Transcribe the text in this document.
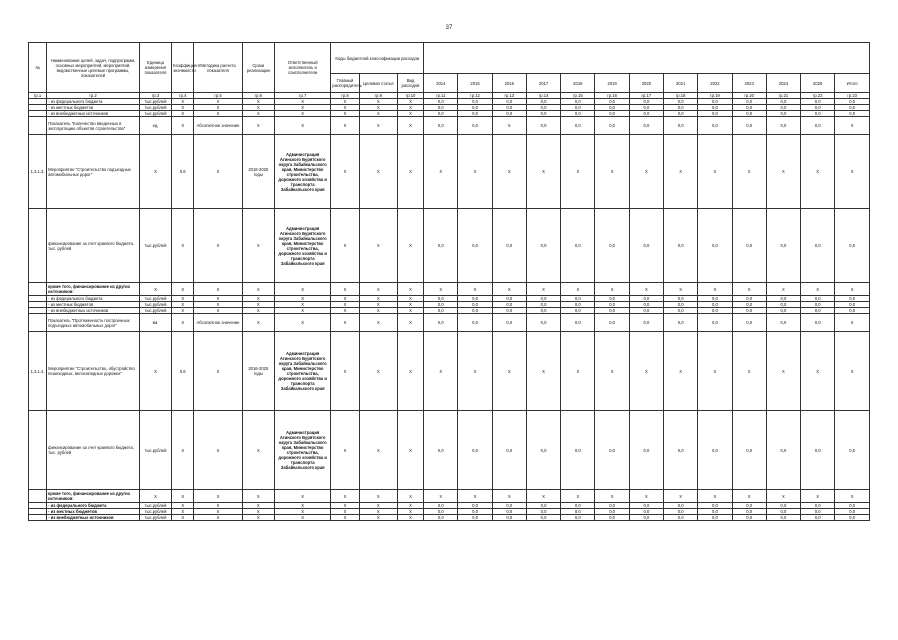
37
№	Наименование целей, задач, подпрограмм, основных мероприятий, мероприятий, ведомственные целевые программы, показателей	Единица измерения показателя	Коэффициент значимости	Методика расчета показателя	Сроки реализации	Ответственный исполнитель и соисполнители	Коды бюджетной классификации расходов															
							Главный распорядитель	Целевая статья	Вид расходов	2014	2015	2016	2017	2018	2019	2020	2021	2022	2023	2024	2025	Итого
гр.1	гр.2	гр.3	гр.4	гр.5	гр.6	гр.7	гр.8	гр.9	гр.10	гр.11	гр.12	гр.13	гр.14	гр.15	гр.16	гр.17	гр.18	гр.19	гр.20	гр.21	гр.22	гр.23
	- из федерального бюджета	тыс.рублей	Х	Х	Х	Х	Х	Х	Х	0,0	0,0	0,0	0,0	0,0	0,0	0,0	0,0	0,0	0,0	0,0	0,0	0,0
	- из местных бюджетов	тыс.рублей	Х	Х	Х	Х	Х	Х	Х	0,0	0,0	0,0	0,0	0,0	0,0	0,0	0,0	0,0	0,0	0,0	0,0	0,0
	- из внебюджетных источников	тыс.рублей	Х	Х	Х	Х	Х	Х	Х	0,0	0,0	0,0	0,0	0,0	0,0	0,0	0,0	0,0	0,0	0,0	0,0	0,0
	Показатель "Количество введенных в эксплуатацию объектов строительства"	ед.	Х	Абсолютное значение	Х	Х	Х	Х	Х	0,0	0,0	5	0,0	0,0	0,0	0,0	0,0	0,0	0,0	0,0	0,0	Х
1.3.1.3.	Мероприятие "Строительство подъездных автомобильных дорог"	Х	0,6	Х	2016-2025 годы	Администрация Агинского Бурятского округа Забайкальского края, Министерство строительства, дорожного хозяйства и транспорта Забайкальского края	Х	Х	Х	Х	Х	Х	Х	Х	Х	Х	Х	Х	Х	Х	Х	Х
	финансирование за счет краевого бюджета, тыс. рублей	тыс.рублей	Х	Х	Х	Администрация Агинского Бурятского округа Забайкальского края, Министерство строительства, дорожного хозяйства и транспорта Забайкальского края	Х	Х	Х	0,0	0,0	0,0	0,0	0,0	0,0	0,0	0,0	0,0	0,0	0,0	0,0	0,0
	кроме того, финансирование из других источников:	Х	Х	Х	Х	Х	Х	Х	Х	Х	Х	Х	Х	Х	Х	Х	Х	Х	Х	Х	Х	Х
	- из федерального бюджета	тыс.рублей	Х	Х	Х	Х	Х	Х	Х	0,0	0,0	0,0	0,0	0,0	0,0	0,0	0,0	0,0	0,0	0,0	0,0	0,0
	- из местных бюджетов	тыс.рублей	Х	Х	Х	Х	Х	Х	Х	0,0	0,0	0,0	0,0	0,0	0,0	0,0	0,0	0,0	0,0	0,0	0,0	0,0
	- из внебюджетных источников	тыс.рублей	Х	Х	Х	Х	Х	Х	Х	0,0	0,0	0,0	0,0	0,0	0,0	0,0	0,0	0,0	0,0	0,0	0,0	0,0
	Показатель "Протяженность построенных подъездных автомобильных дорог"	км.	Х	Абсолютное значение	Х	Х	Х	Х	Х	0,0	0,0	0,0	0,0	0,0	0,0	0,0	0,0	0,0	0,0	0,0	0,0	Х
1.3.1.4.	Мероприятие "Строительство, обустройство пешеходных, велосипедных дорожек"	Х	0,6	Х	2016-2025 годы	Администрация Агинского Бурятского округа Забайкальского края, Министерство строительства, дорожного хозяйства и транспорта Забайкальского края	Х	Х	Х	Х	Х	Х	Х	Х	Х	Х	Х	Х	Х	Х	Х	Х
	финансирование за счет краевого бюджета, тыс. рублей	тыс.рублей	Х	Х	Х	Администрация Агинского Бурятского округа Забайкальского края, Министерство строительства, дорожного хозяйства и транспорта Забайкальского края	Х	Х	Х	0,0	0,0	0,0	0,0	0,0	0,0	0,0	0,0	0,0	0,0	0,0	0,0	0,0
	кроме того, финансирование из других источников:	Х	Х	Х	Х	Х	Х	Х	Х	Х	Х	Х	Х	Х	Х	Х	Х	Х	Х	Х	Х	Х
	- из федерального бюджета	тыс.рублей	Х	Х	Х	Х	Х	Х	Х	0,0	0,0	0,0	0,0	0,0	0,0	0,0	0,0	0,0	0,0	0,0	0,0	0,0
	- из местных бюджетов	тыс.рублей	Х	Х	Х	Х	Х	Х	Х	0,0	0,0	0,0	0,0	0,0	0,0	0,0	0,0	0,0	0,0	0,0	0,0	0,0
	- из внебюджетных источников	тыс.рублей	Х	Х	Х	Х	Х	Х	Х	0,0	0,0	0,0	0,0	0,0	0,0	0,0	0,0	0,0	0,0	0,0	0,0	0,0
